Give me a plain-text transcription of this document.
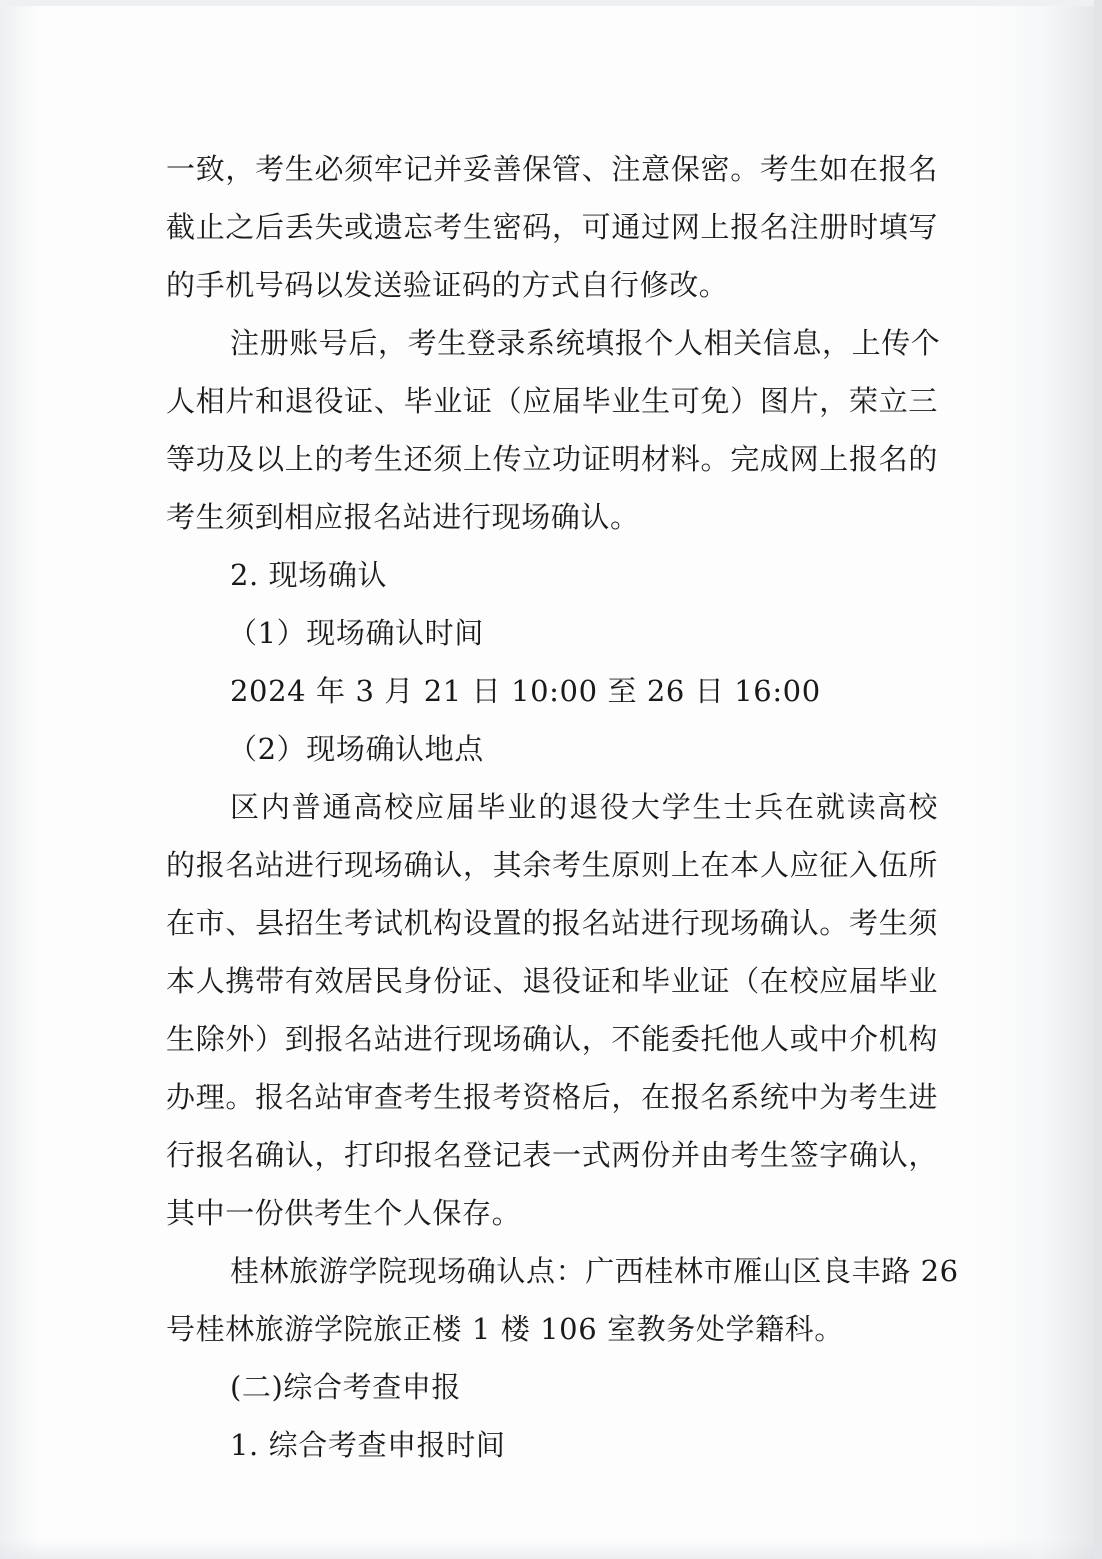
一致，考生必须牢记并妥善保管、注意保密。考生如在报名
截止之后丢失或遗忘考生密码，可通过网上报名注册时填写
的手机号码以发送验证码的方式自行修改。
注册账号后，考生登录系统填报个人相关信息，上传个
人相片和退役证、毕业证（应届毕业生可免）图片，荣立三
等功及以上的考生还须上传立功证明材料。完成网上报名的
考生须到相应报名站进行现场确认。
2. 现场确认
（1）现场确认时间
2024 年 3 月 21 日 10:00 至 26 日 16:00
（2）现场确认地点
区内普通高校应届毕业的退役大学生士兵在就读高校
的报名站进行现场确认，其余考生原则上在本人应征入伍所
在市、县招生考试机构设置的报名站进行现场确认。考生须
本人携带有效居民身份证、退役证和毕业证（在校应届毕业
生除外）到报名站进行现场确认，不能委托他人或中介机构
办理。报名站审查考生报考资格后，在报名系统中为考生进
行报名确认，打印报名登记表一式两份并由考生签字确认，
其中一份供考生个人保存。
桂林旅游学院现场确认点：广西桂林市雁山区良丰路 26
号桂林旅游学院旅正楼 1 楼 106 室教务处学籍科。
(二)综合考查申报
1. 综合考查申报时间
